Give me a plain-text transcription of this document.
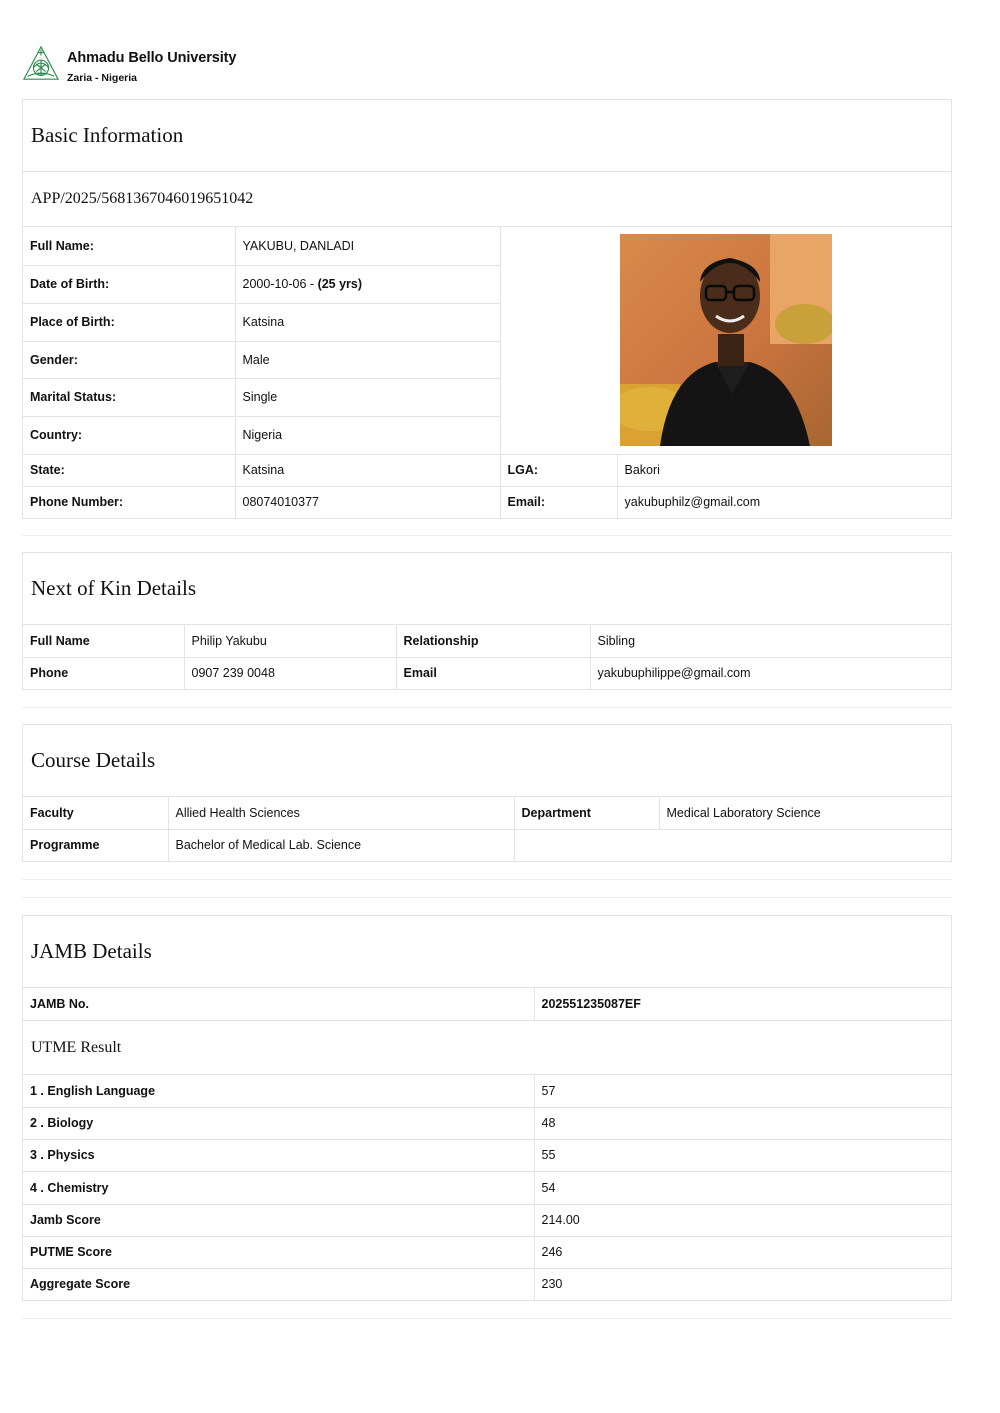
Ahmadu Bello University
Zaria - Nigeria
Basic Information
APP/2025/5681367046019651042
Full Name:	YAKUBU, DANLADI	

Date of Birth:	2000-10-06 - (25 yrs)		
Place of Birth:	Katsina		
Gender:	Male		
Marital Status:	Single		
Country:	Nigeria		
State:	Katsina	LGA:	Bakori
Phone Number:	08074010377	Email:	yakubuphilz@gmail.com
Next of Kin Details
Full Name	Philip Yakubu	Relationship	Sibling
Phone	0907 239 0048	Email	yakubuphilippe@gmail.com
Course Details
Faculty	Allied Health Sciences	Department	Medical Laboratory Science
Programme	Bachelor of Medical Lab. Science		
JAMB Details
JAMB No.	202551235087EF
UTME Result
1 . English Language	57
2 . Biology	48
3 . Physics	55
4 . Chemistry	54
Jamb Score	214.00
PUTME Score	246
Aggregate Score	230
